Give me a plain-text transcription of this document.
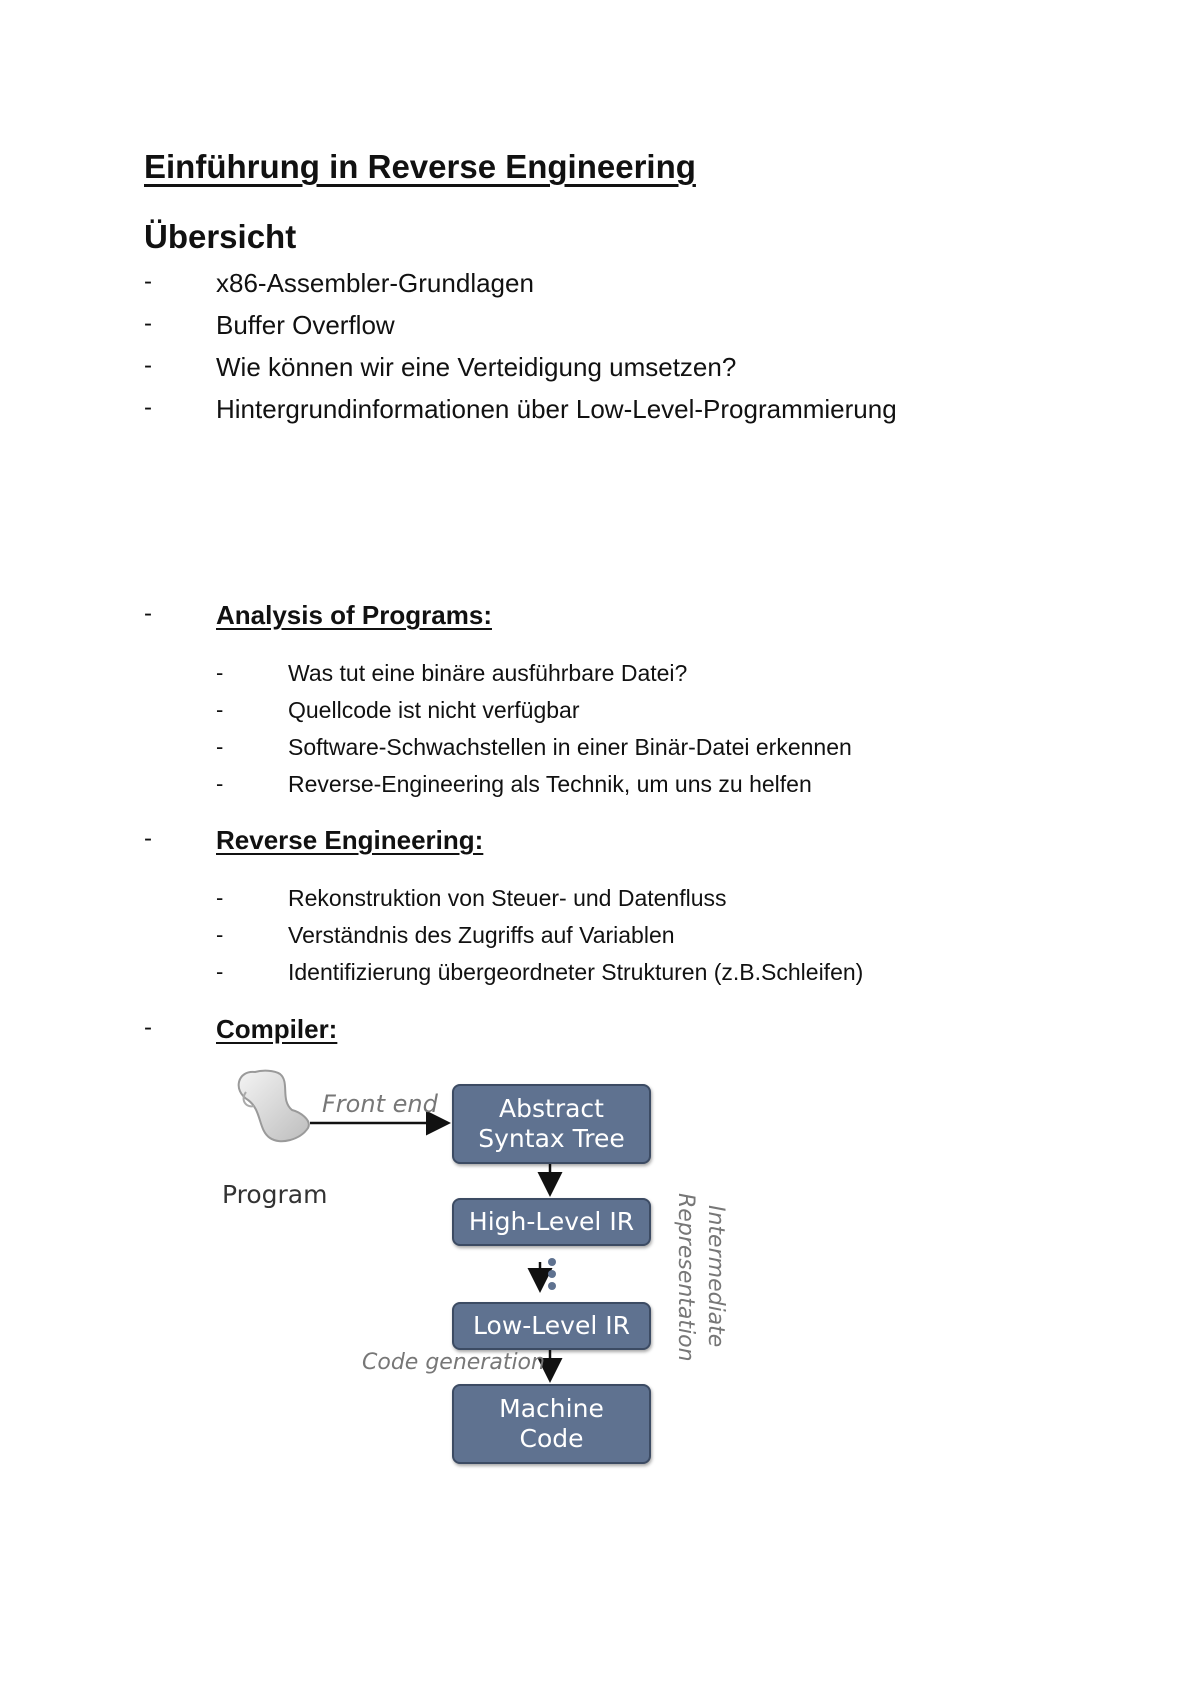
Einführung in Reverse Engineering
Übersicht
- x86-Assembler-Grundlagen
- Buffer Overflow
- Wie können wir eine Verteidigung umsetzen?
- Hintergrundinformationen über Low-Level-Programmierung
- Analysis of Programs:
-	Was tut eine binäre ausführbare Datei?
-	Quellcode ist nicht verfügbar
-	Software-Schwachstellen in einer Binär-Datei erkennen
-	Reverse-Engineering als Technik, um uns zu helfen
- Reverse Engineering:
-	Rekonstruktion von Steuer- und Datenfluss
-	Verständnis des Zugriffs auf Variablen
-	Identifizierung übergeordneter Strukturen (z.B.Schleifen)
- Compiler:
Abstract
Syntax Tree
High-Level IR
Low-Level IR
Machine
Code
Front end
Program
Code generation
Intermediate
Representation
